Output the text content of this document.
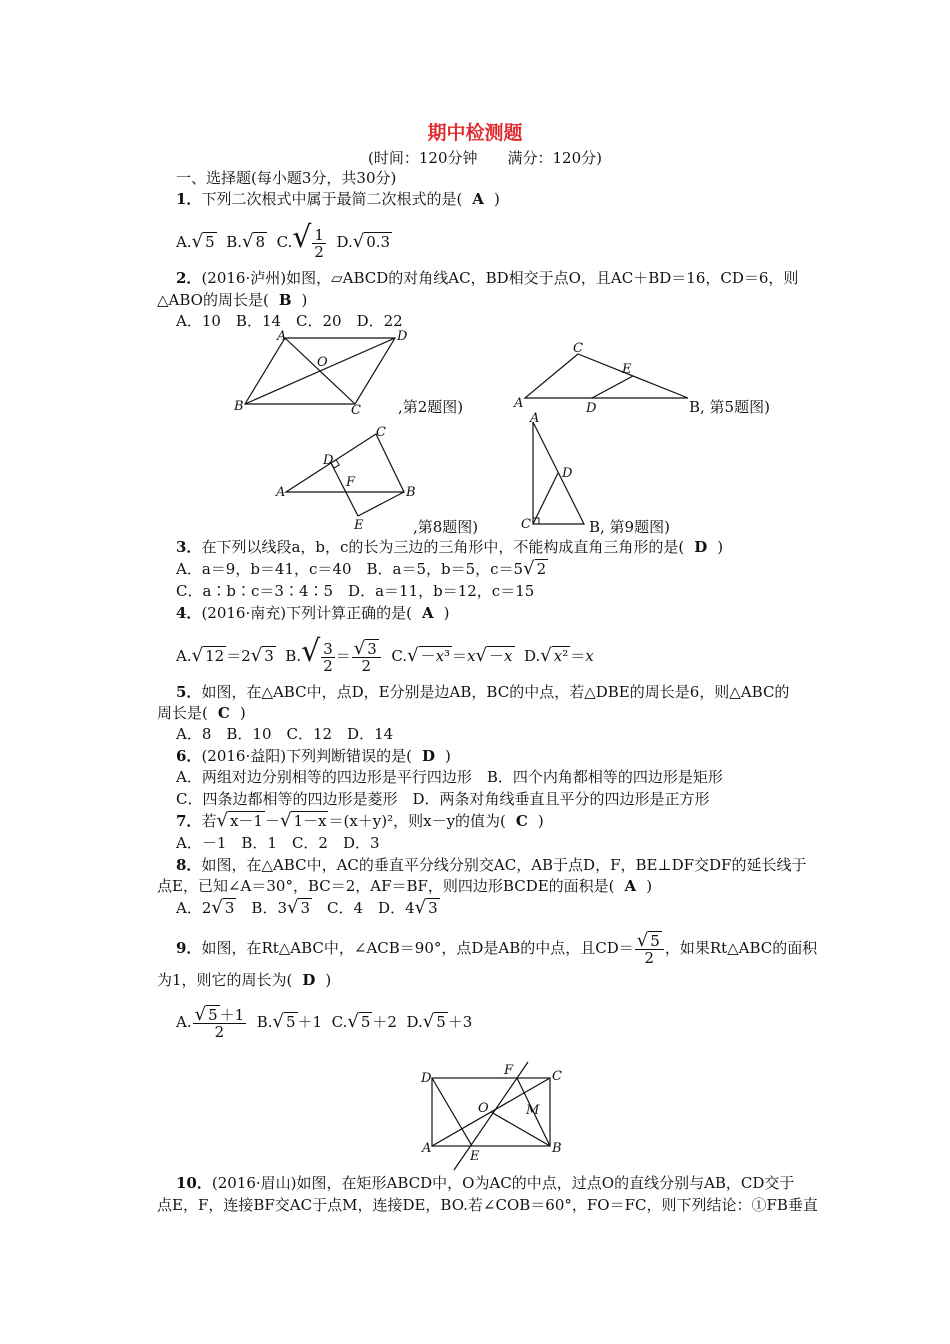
期中检测题
(时间：120分钟　　满分：120分)
一、选择题(每小题3分，共30分)
1．下列二次根式中属于最简二次根式的是( A )
A.√ 5 B.√ 8 $C.√ \frac{1}{2} D.√$ 0.3
2．(2016·泸州)如图，▱ABCD的对角线AC，BD相交于点O，且AC＋BD＝16，CD＝6，则
△ABO的周长是( B )
A．10　B．14　C．20　D．22
A	D
B	C
O
,第2题图)
C
E
A	D	B, 第5题图)
A
C
B
D
F
E	,第8题图)
A
D
C	B, 第9题图)
3．在下列以线段a，b，c的长为三边的三角形中，不能构成直角三角形的是( D )
A．a＝9，b＝41，c＝40　B．a＝5，b＝5，c＝5√ 2
C．a∶b∶c＝3∶4∶5　D．a＝11，b＝12，c＝15
4．(2016·南充)下列计算正确的是( A )
A.√ 12 ＝2√ 3  $B.√ \frac{3}{2} = \frac{√ 3}{2} C.√ -x^3 =x√ -x$  D.√ x² ＝x
5．如图，在△ABC中，点D，E分别是边AB，BC的中点，若△DBE的周长是6，则△ABC的
周长是( C )
A．8　B．10　C．12　D．14
6．(2016·益阳)下列判断错误的是( D )
A．两组对边分别相等的四边形是平行四边形　B．四个内角都相等的四边形是矩形
C．四条边都相等的四边形是菱形　D．两条对角线垂直且平分的四边形是正方形
7．若√ x－1 －√ 1－x ＝(x＋y)²，则x－y的值为( C )
A．－1　B．1　C．2　D．3
8．如图，在△ABC中，AC的垂直平分线分别交AC，AB于点D，F，BE⊥DF交DF的延长线于
点E，已知∠A＝30°，BC＝2，AF＝BF，则四边形BCDE的面积是( A )
A．2√ 3　B．3√ 3　C．4　D．4√ 3
9．如图，在Rt△ABC中，∠ACB＝90°，点D是AB的中点，且$CD= \frac{√ 5}{2}$ ，如果Rt△ABC的面积
为1，则它的周长为( D )
A. $\frac{√ 5 +1}{2} B.√$ 5 ＋1  C.√ 5 ＋2  D.√ 5 ＋3
D
F	C
O	M
A
E
B
10．(2016·眉山)如图，在矩形ABCD中，O为AC的中点，过点O的直线分别与AB，CD交于
点E，F，连接BF交AC于点M，连接DE，BO.若∠COB＝60°，FO＝FC，则下列结论：①FB垂直
